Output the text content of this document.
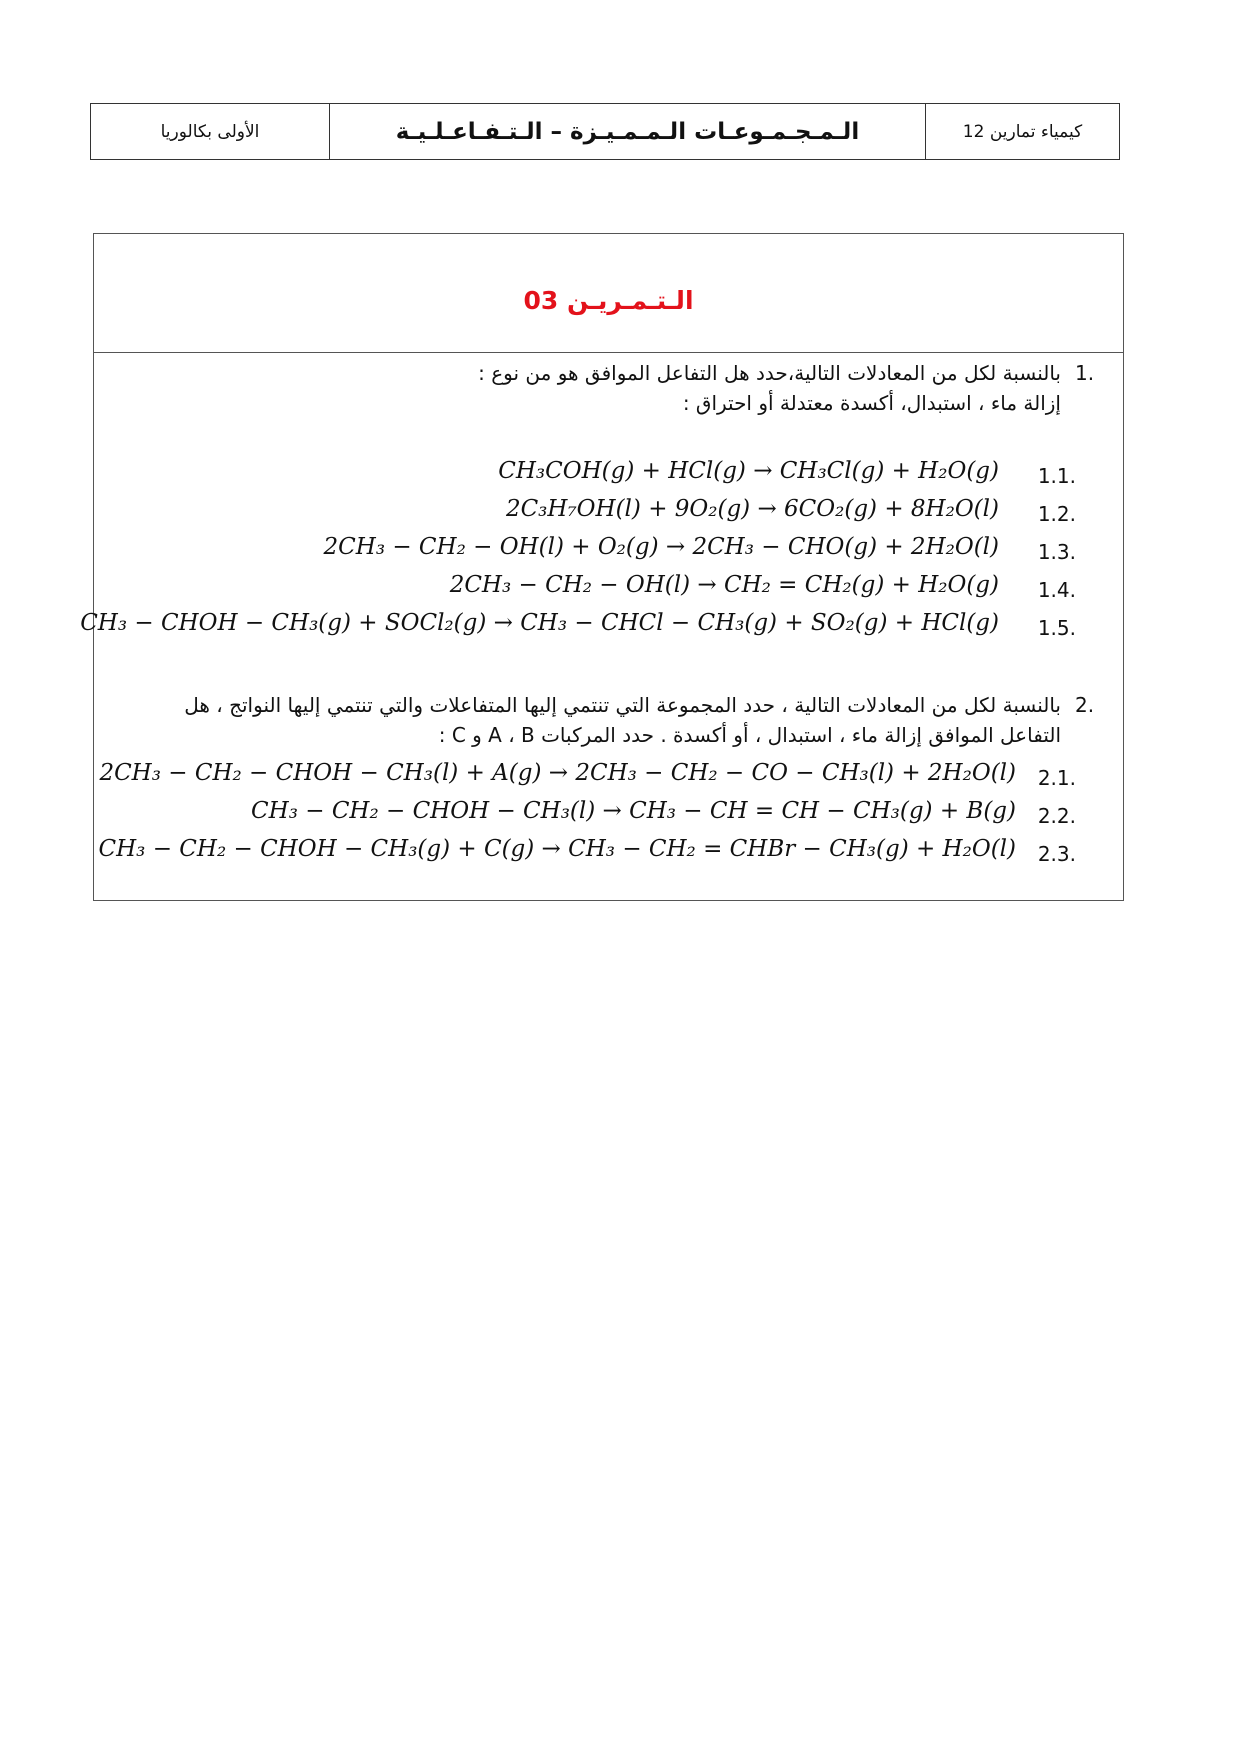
كيمياء تمارين 12
الـمـجـمـوعـات الـمـمـيـزة – الـتـفـاعـلـيـة
الأولى بكالوريا
الـتـمـريـن 03
1.
بالنسبة لكل من المعادلات التالية،حدد هل التفاعل الموافق هو من نوع :
إزالة ماء ، استبدال، أكسدة معتدلة أو احتراق :
1.1.
CH₃COH(g) + HCl(g) → CH₃Cl(g) + H₂O(g)
1.2.
2C₃H₇OH(l) + 9O₂(g) → 6CO₂(g) + 8H₂O(l)
1.3.
2CH₃ − CH₂ − OH(l) + O₂(g) → 2CH₃ − CHO(g) + 2H₂O(l)
1.4.
2CH₃ − CH₂ − OH(l) → CH₂ = CH₂(g) + H₂O(g)
1.5.
CH₃ − CHOH − CH₃(g) + SOCl₂(g) → CH₃ − CHCl − CH₃(g) + SO₂(g) + HCl(g)
2.
بالنسبة لكل من المعادلات التالية ، حدد المجموعة التي تنتمي إليها المتفاعلات والتي تنتمي إليها النواتج ، هل
التفاعل الموافق إزالة ماء ، استبدال ، أو أكسدة . حدد المركبات A ، B و C :
2.1.
2CH₃ − CH₂ − CHOH − CH₃(l) + A(g) → 2CH₃ − CH₂ − CO − CH₃(l) + 2H₂O(l)
2.2.
CH₃ − CH₂ − CHOH − CH₃(l) → CH₃ − CH = CH − CH₃(g) + B(g)
2.3.
CH₃ − CH₂ − CHOH − CH₃(g) + C(g) → CH₃ − CH₂ = CHBr − CH₃(g) + H₂O(l)
